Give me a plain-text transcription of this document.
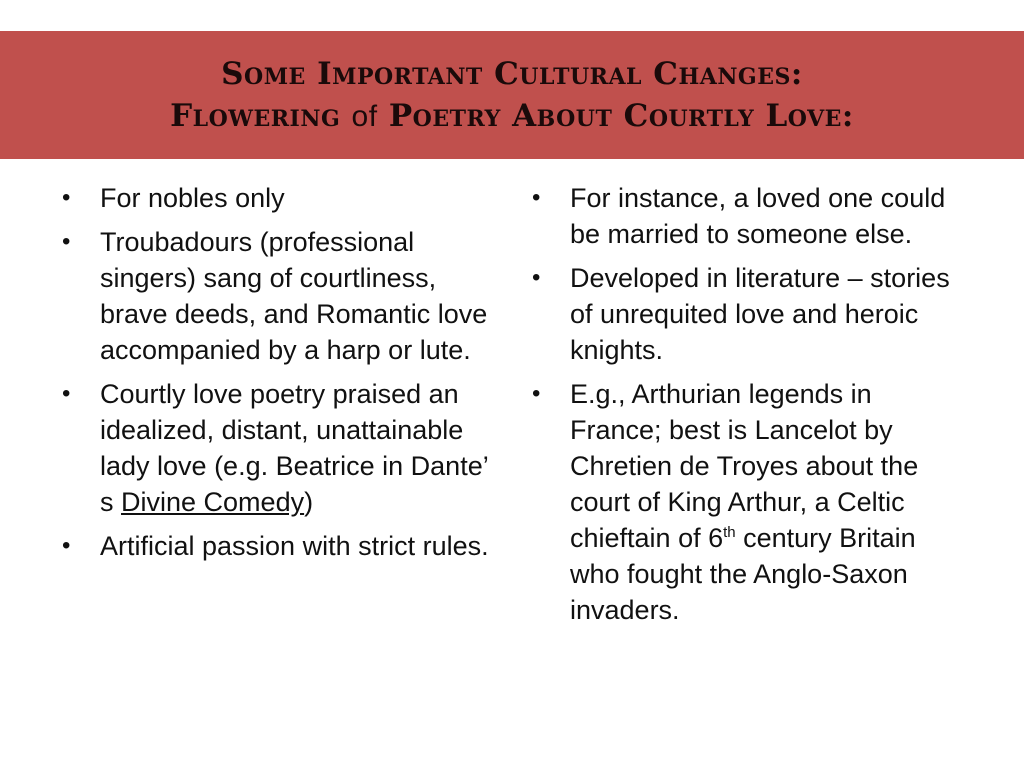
Some Important Cultural Changes:
Flowering of Poetry About Courtly Love:
• For nobles only
• Troubadours (professional singers) sang of courtliness, brave deeds, and Romantic love accompanied by a harp or lute.
• Courtly love poetry praised an idealized, distant, unattainable lady love (e.g. Beatrice in Dante’ s Divine Comedy)
• Artificial passion with strict rules.
• For instance, a loved one could be married to someone else.
• Developed in literature – stories of unrequited love and heroic knights.
• E.g., Arthurian legends in France; best is Lancelot by Chretien de Troyes about the court of King Arthur, a Celtic chieftain of 6th century Britain who fought the Anglo-Saxon invaders.
